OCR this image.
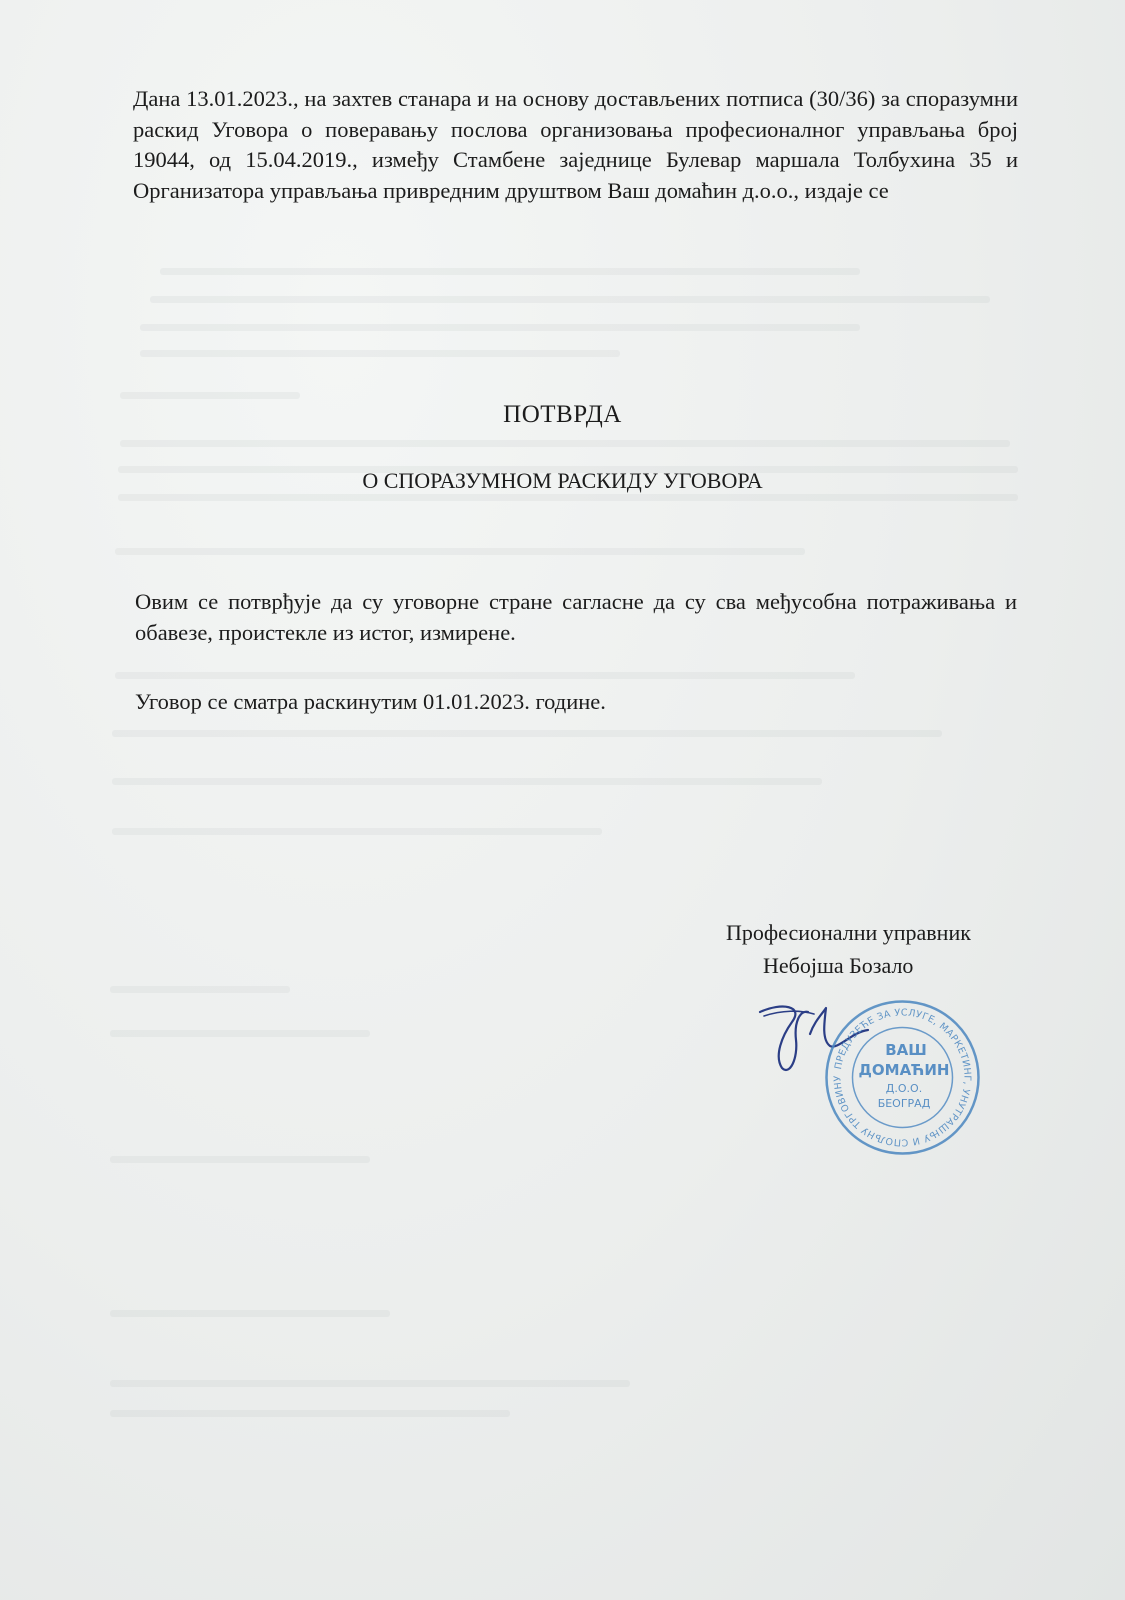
Дана 13.01.2023., на захтев станара и на основу достављених потписа (30/36) за споразумни раскид Уговора о поверавању послова организовања професионалног управљања број 19044, од 15.04.2019., између Стамбене заједнице Булевар маршала Толбухина 35 и Организатора управљања привредним друштвом Ваш домаћин д.о.о., издаје се

ПОТВРДА
О СПОРАЗУМНОМ РАСКИДУ УГОВОРА

Овим се потврђује да су уговорне стране сагласне да су сва међусобна потраживања и обавезе, проистекле из истог, измирене.

Уговор се сматра раскинутим 01.01.2023. године.

Професионални управник

Небојша Бозало

ПРЕДУЗЕЋЕ ЗА УСЛУГЕ, МАРКЕТИНГ, УНУТРАШЊУ И СПОЉНУ ТРГОВИНУ
ВАШ
ДОМАЋИН
Д.О.О.
БЕОГРАД
